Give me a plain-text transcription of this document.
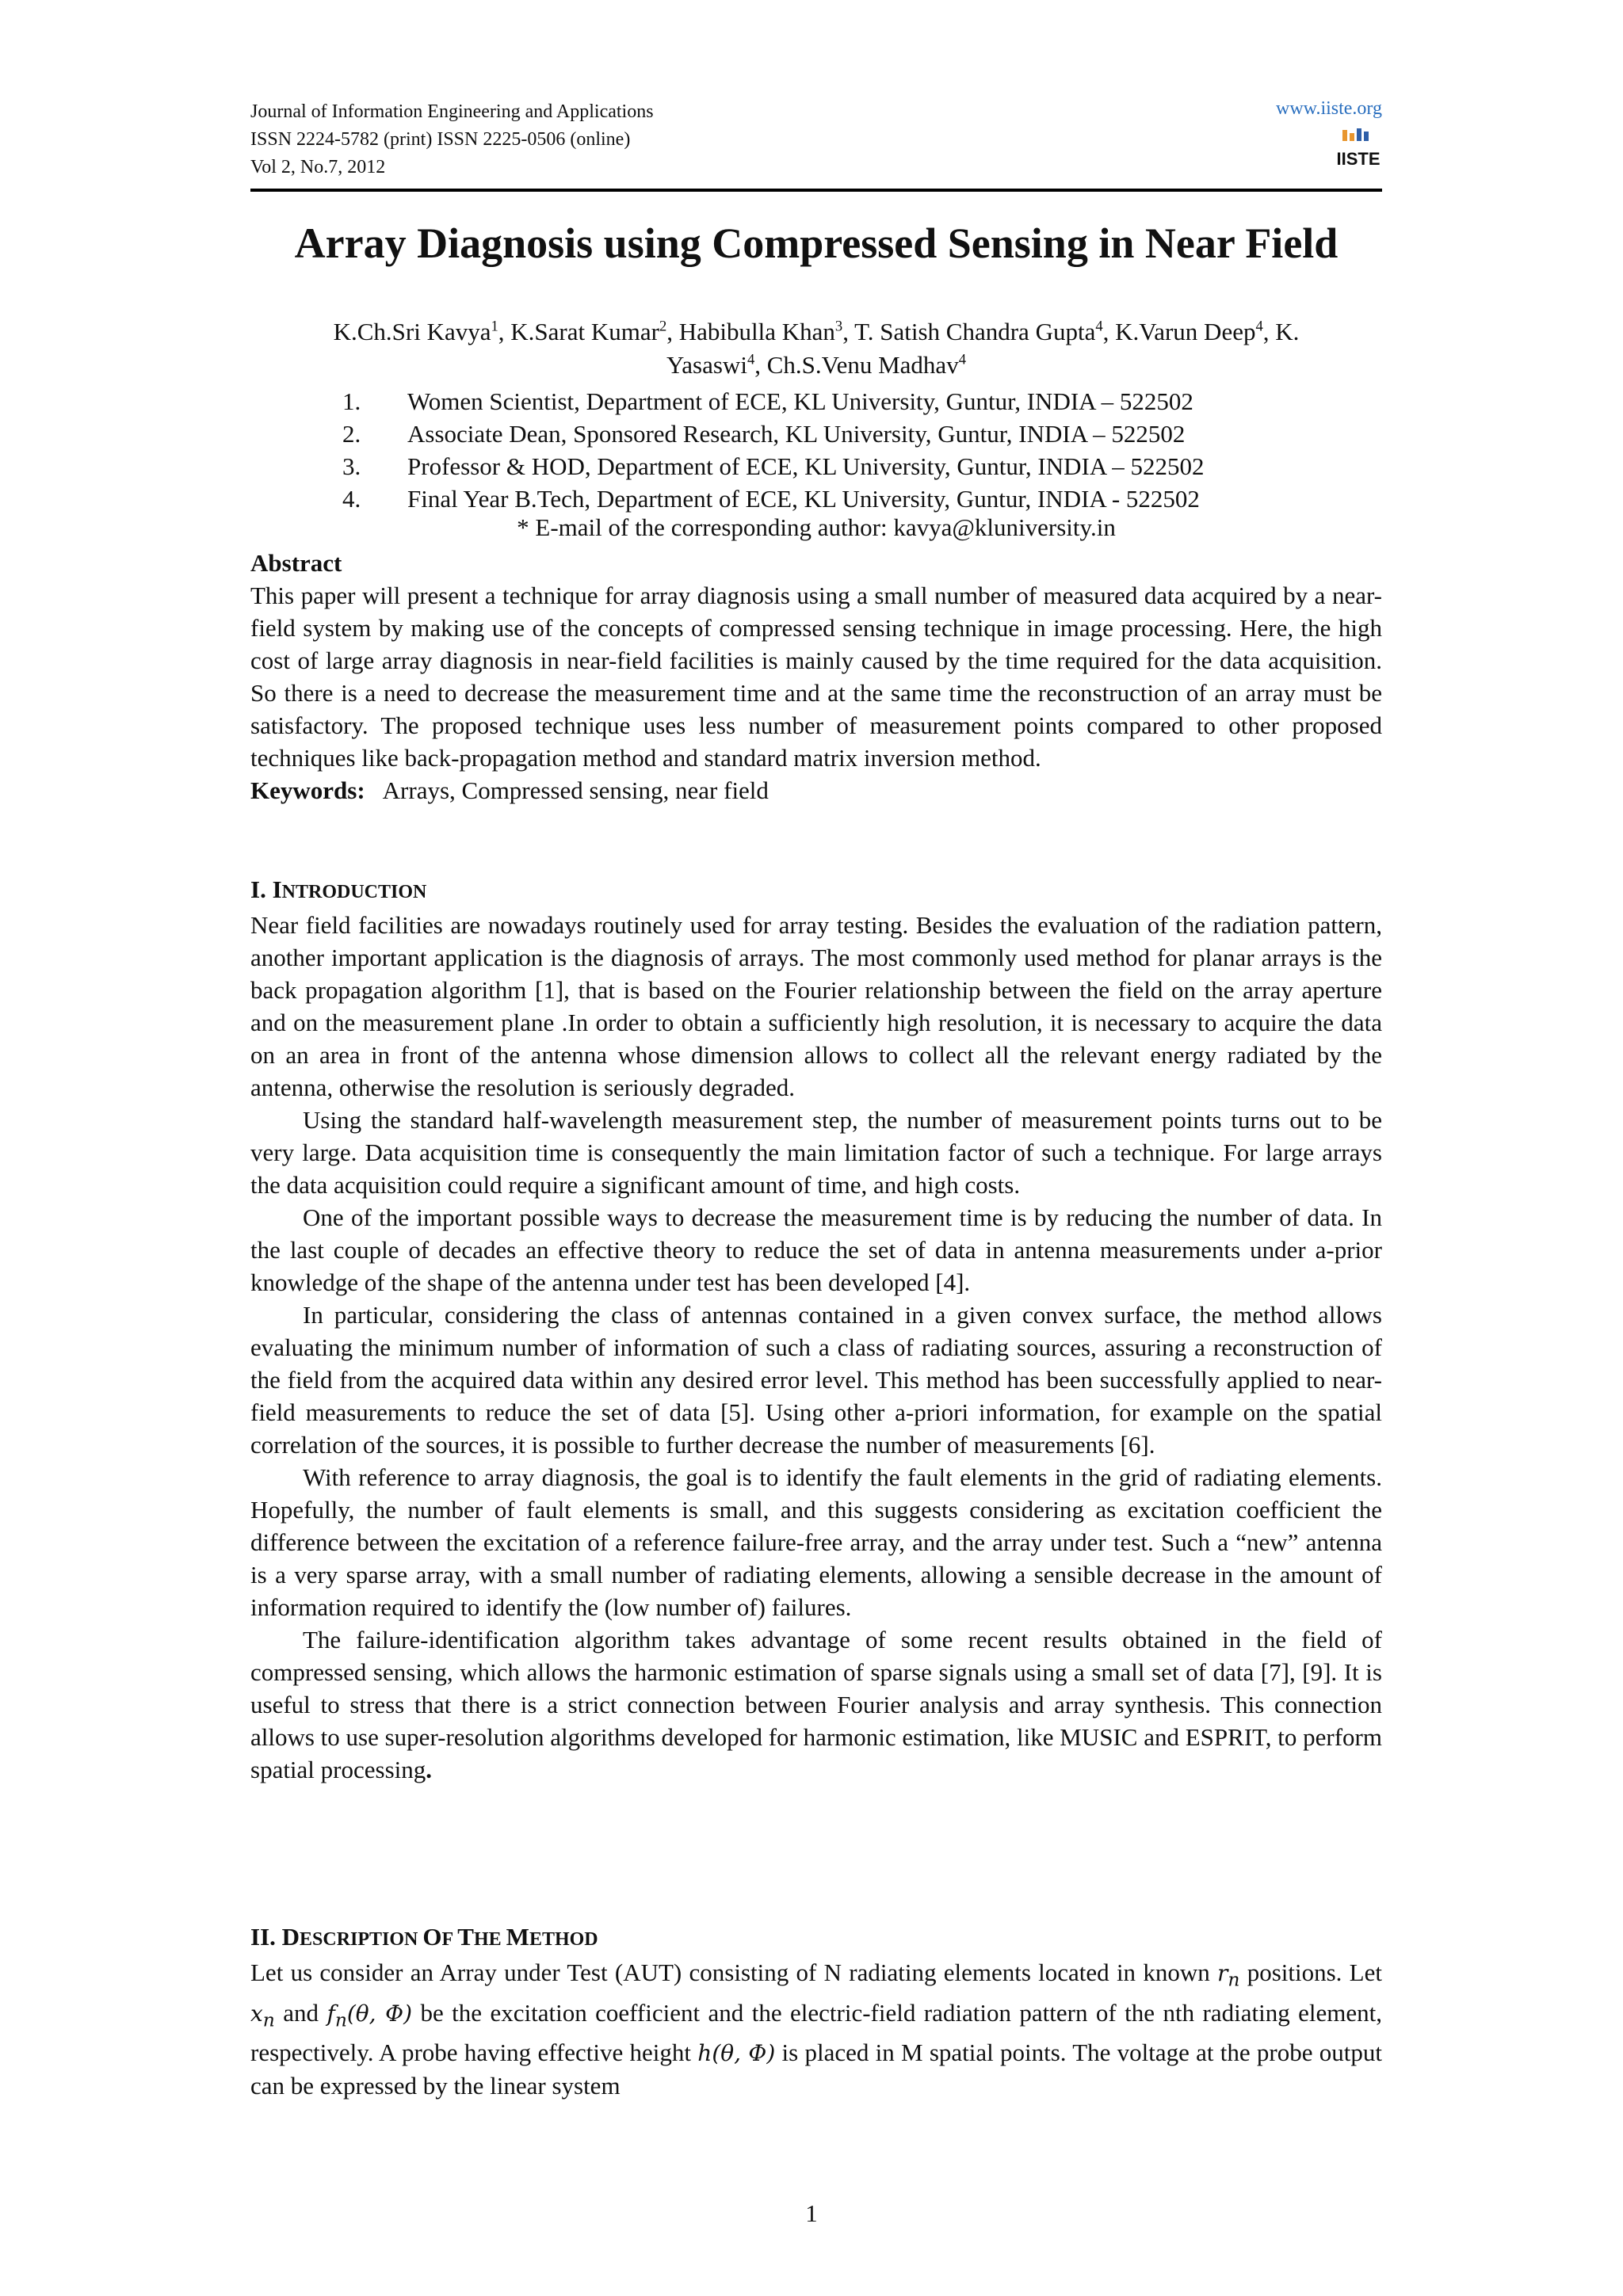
Journal of Information Engineering and Applications
ISSN 2224-5782 (print) ISSN 2225-0506 (online)
Vol 2, No.7, 2012
www.iiste.org
IISTE
Array Diagnosis using Compressed Sensing in Near Field

K.Ch.Sri Kavya$^1$, K.Sarat Kumar$^2$, Habibulla Khan$^3$, T. Satish Chandra Gupta$^4$, K.Varun Deep$^4$, K.

Yasaswi$^4$, Ch.S.Venu Madhav$^4$

1.	Women Scientist, Department of ECE, KL University, Guntur, INDIA – 522502
2.	Associate Dean, Sponsored Research, KL University, Guntur, INDIA – 522502
3.	Professor & HOD, Department of ECE, KL University, Guntur, INDIA – 522502
4.	Final Year B.Tech, Department of ECE, KL University, Guntur, INDIA - 522502
* E-mail of the corresponding author: kavya@kluniversity.in

Abstract

This paper will present a technique for array diagnosis using a small number of measured data acquired by a near-field system by making use of the concepts of compressed sensing technique in image processing. Here, the high cost of large array diagnosis in near-field facilities is mainly caused by the time required for the data acquisition. So there is a need to decrease the measurement time and at the same time the reconstruction of an array must be satisfactory. The proposed technique uses less number of measurement points compared to other proposed techniques like back-propagation method and standard matrix inversion method.

Keywords: Arrays, Compressed sensing, near field

I. INTRODUCTION

Near field facilities are nowadays routinely used for array testing. Besides the evaluation of the radiation pattern, another important application is the diagnosis of arrays. The most commonly used method for planar arrays is the back propagation algorithm [1], that is based on the Fourier relationship between the field on the array aperture and on the measurement plane .In order to obtain a sufficiently high resolution, it is necessary to acquire the data on an area in front of the antenna whose dimension allows to collect all the relevant energy radiated by the antenna, otherwise the resolution is seriously degraded.

Using the standard half-wavelength measurement step, the number of measurement points turns out to be very large. Data acquisition time is consequently the main limitation factor of such a technique. For large arrays the data acquisition could require a significant amount of time, and high costs.

One of the important possible ways to decrease the measurement time is by reducing the number of data. In the last couple of decades an effective theory to reduce the set of data in antenna measurements under a-prior knowledge of the shape of the antenna under test has been developed [4].

In particular, considering the class of antennas contained in a given convex surface, the method allows evaluating the minimum number of information of such a class of radiating sources, assuring a reconstruction of the field from the acquired data within any desired error level. This method has been successfully applied to near-field measurements to reduce the set of data [5]. Using other a-priori information, for example on the spatial correlation of the sources, it is possible to further decrease the number of measurements [6].

With reference to array diagnosis, the goal is to identify the fault elements in the grid of radiating elements. Hopefully, the number of fault elements is small, and this suggests considering as excitation coefficient the difference between the excitation of a reference failure-free array, and the array under test. Such a “new” antenna is a very sparse array, with a small number of radiating elements, allowing a sensible decrease in the amount of information required to identify the (low number of) failures.

The failure-identification algorithm takes advantage of some recent results obtained in the field of compressed sensing, which allows the harmonic estimation of sparse signals using a small set of data [7], [9]. It is useful to stress that there is a strict connection between Fourier analysis and array synthesis. This connection allows to use super-resolution algorithms developed for harmonic estimation, like MUSIC and ESPRIT, to perform spatial processing.

II. DESCRIPTION OF THE METHOD

Let us consider an Array under Test (AUT) consisting of N radiating elements located in known $r_n$ positions. Let $x_n$ and $f_n(\theta$, Φ) be the excitation coefficient and the electric-field radiation pattern of the nth radiating element, respectively. A probe having effective height h(θ, Φ) is placed in M spatial points. The voltage at the probe output can be expressed by the linear system

1
